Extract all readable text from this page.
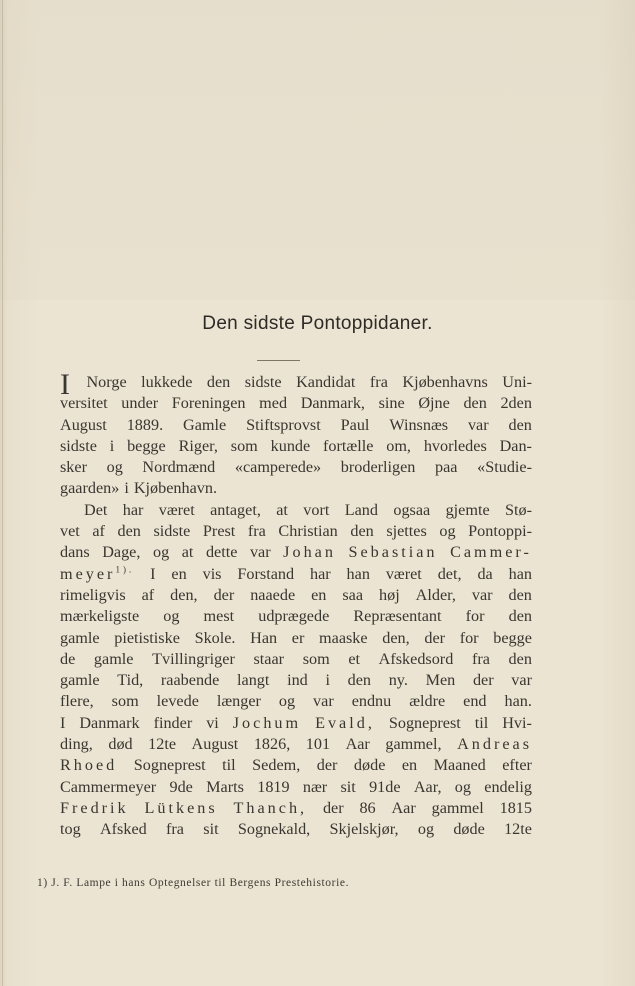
Den sidste Pontoppidaner.
I Norge lukkede den sidste Kandidat fra Kjøbenhavns Uni-
versitet under Foreningen med Danmark, sine Øjne den 2den
August 1889. Gamle Stiftsprovst Paul Winsnæs var den
sidste i begge Riger, som kunde fortælle om, hvorledes Dan-
sker og Nordmænd «camperede» broderligen paa «Studie-
gaarden» i Kjøbenhavn.
Det har været antaget, at vort Land ogsaa gjemte Stø-
vet af den sidste Prest fra Christian den sjettes og Pontoppi-
dans Dage, og at dette var Johan Sebastian Cammer-
meyer$^{1).}$ I en vis Forstand har han været det, da han
rimeligvis af den, der naaede en saa høj Alder, var den
mærkeligste og mest udprægede Repræsentant for den
gamle pietistiske Skole. Han er maaske den, der for begge
de gamle Tvillingriger staar som et Afskedsord fra den
gamle Tid, raabende langt ind i den ny. Men der var
flere, som levede længer og var endnu ældre end han.
I Danmark finder vi Jochum Evald, Sogneprest til Hvi-
ding, død 12te August 1826, 101 Aar gammel, Andreas
Rhoed Sogneprest til Sedem, der døde en Maaned efter
Cammermeyer 9de Marts 1819 nær sit 91de Aar, og endelig
Fredrik Lütkens Thanch, der 86 Aar gammel 1815
tog Afsked fra sit Sognekald, Skjelskjør, og døde 12te
1) J. F. Lampe i hans Optegnelser til Bergens Prestehistorie.
